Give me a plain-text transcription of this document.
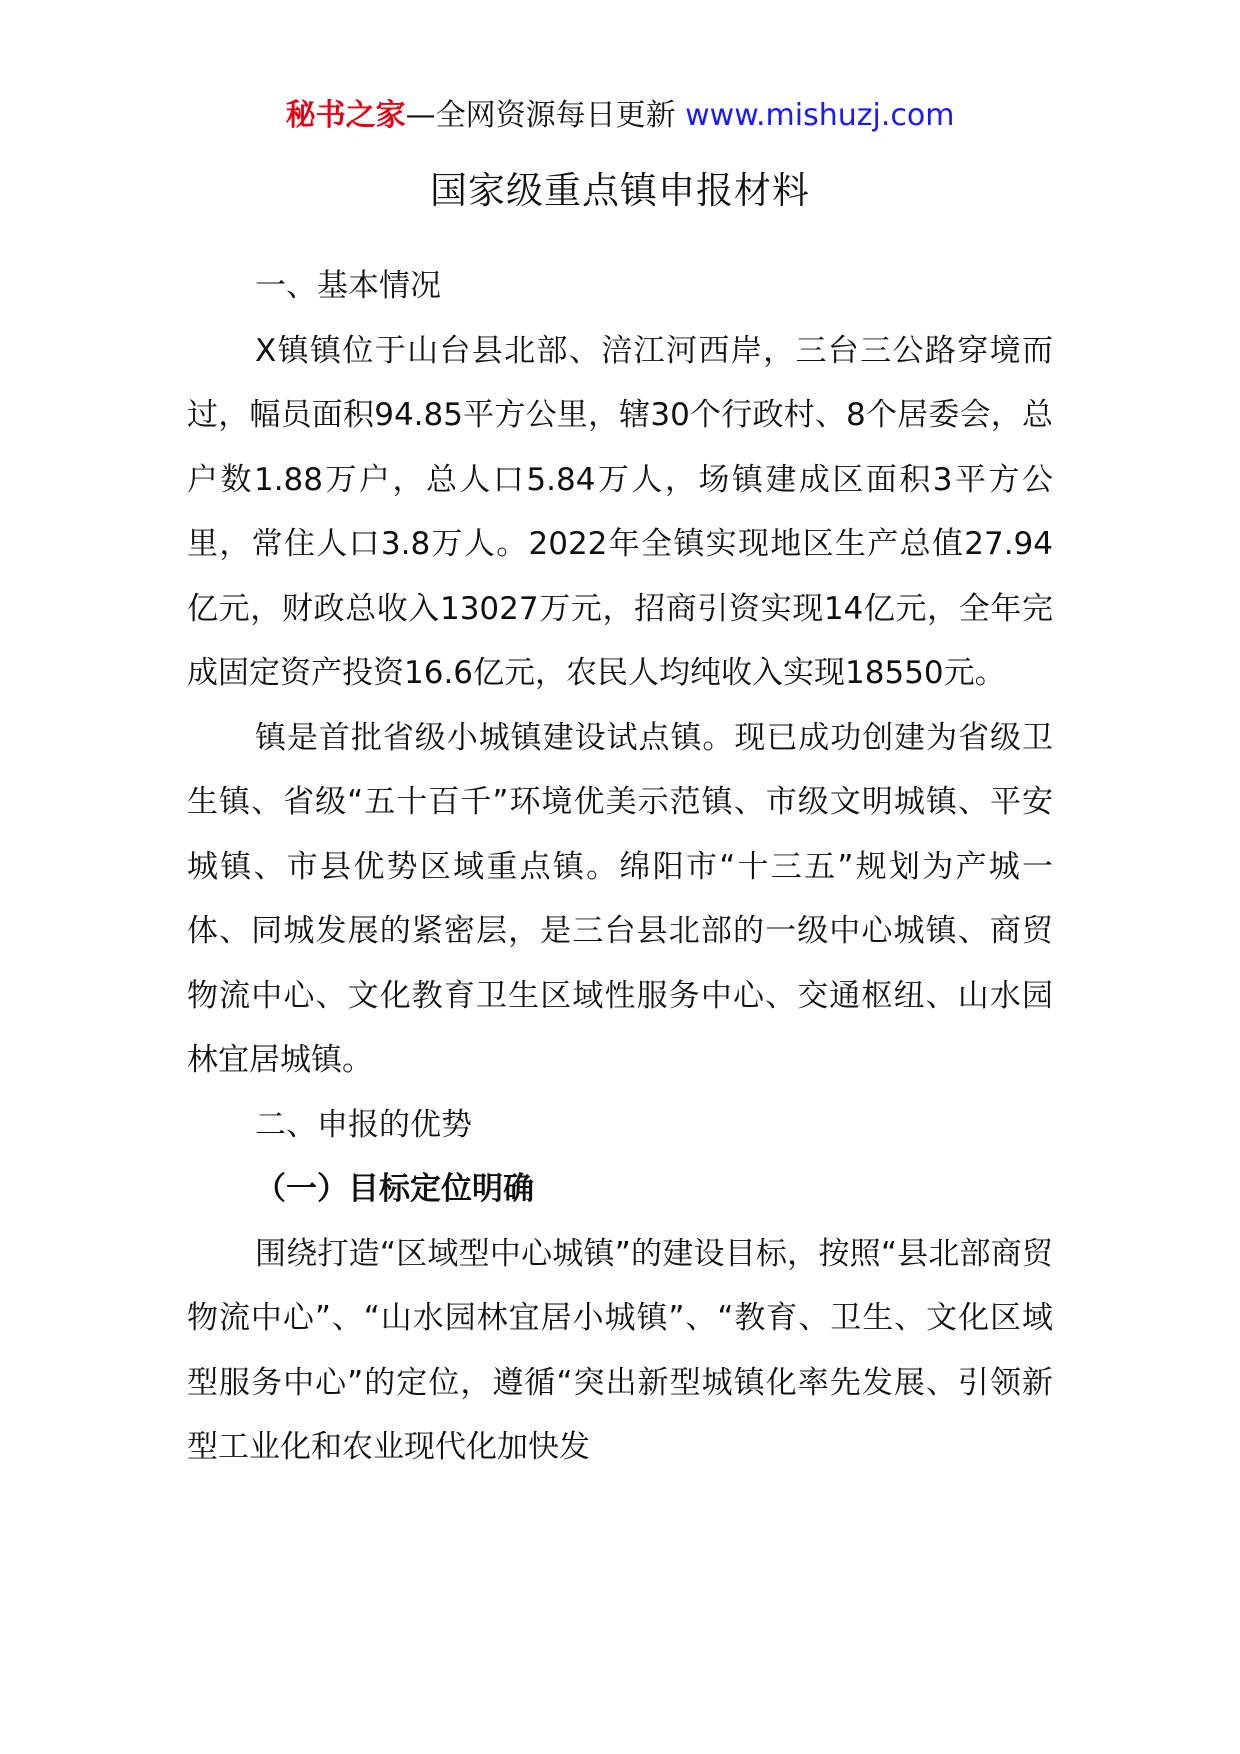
秘书之家—全网资源每日更新 www.mishuzj.com
国家级重点镇申报材料

一、基本情况

X镇镇位于山台县北部、涪江河西岸，三台三公路穿境而过，幅员面积94.85平方公里，辖30个行政村、8个居委会，总户数1.88万户，总人口5.84万人，场镇建成区面积3平方公里，常住人口3.8万人。2022年全镇实现地区生产总值27.94亿元，财政总收入13027万元，招商引资实现14亿元，全年完成固定资产投资16.6亿元，农民人均纯收入实现18550元。

镇是首批省级小城镇建设试点镇。现已成功创建为省级卫生镇、省级“五十百千”环境优美示范镇、市级文明城镇、平安城镇、市县优势区域重点镇。绵阳市“十三五”规划为产城一体、同城发展的紧密层，是三台县北部的一级中心城镇、商贸物流中心、文化教育卫生区域性服务中心、交通枢纽、山水园林宜居城镇。

二、申报的优势

（一）目标定位明确

围绕打造“区域型中心城镇”的建设目标，按照“县北部商贸物流中心”、“山水园林宜居小城镇”、“教育、卫生、文化区域型服务中心”的定位，遵循“突出新型城镇化率先发展、引领新型工业化和农业现代化加快发
